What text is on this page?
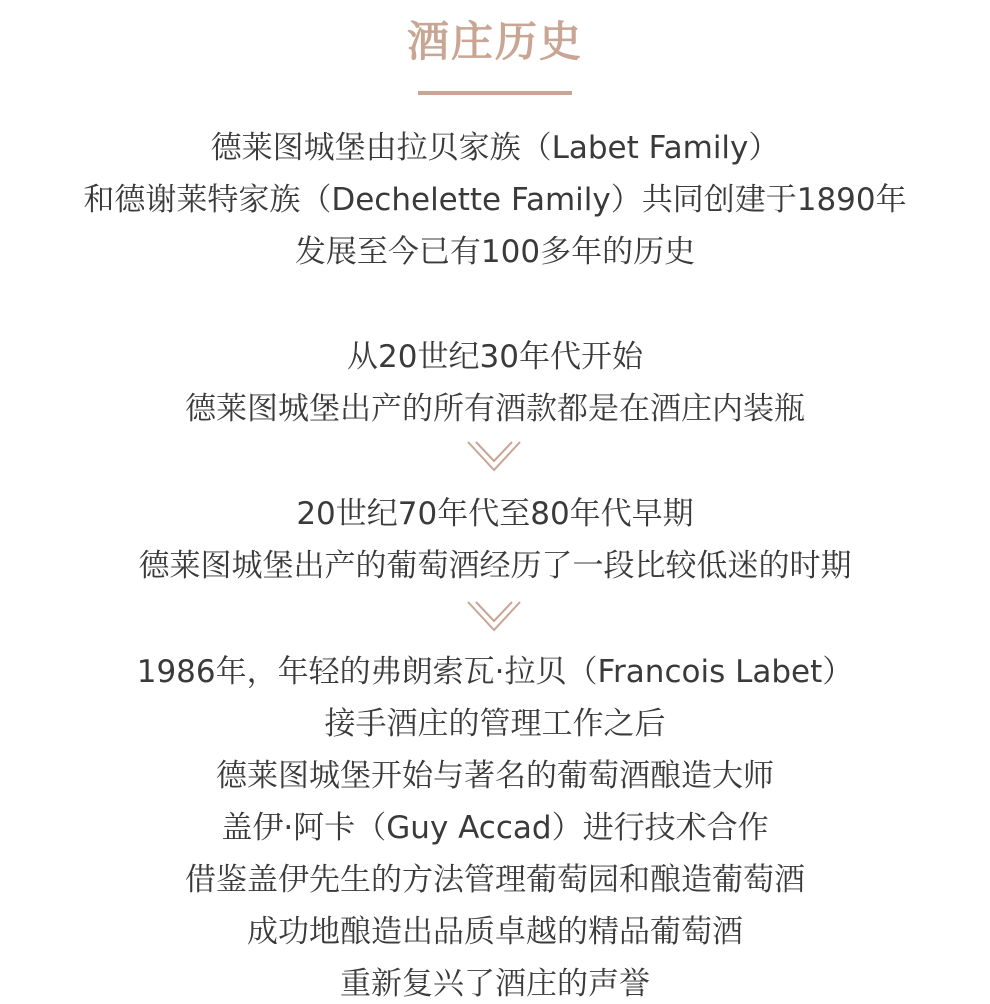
酒庄历史
德莱图城堡由拉贝家族（Labet Family）
和德谢莱特家族（Dechelette Family）共同创建于1890年
发展至今已有100多年的历史
从20世纪30年代开始
德莱图城堡出产的所有酒款都是在酒庄内装瓶
20世纪70年代至80年代早期
德莱图城堡出产的葡萄酒经历了一段比较低迷的时期
1986年，年轻的弗朗索瓦·拉贝（Francois Labet）
接手酒庄的管理工作之后
德莱图城堡开始与著名的葡萄酒酿造大师
盖伊·阿卡（Guy Accad）进行技术合作
借鉴盖伊先生的方法管理葡萄园和酿造葡萄酒
成功地酿造出品质卓越的精品葡萄酒
重新复兴了酒庄的声誉
